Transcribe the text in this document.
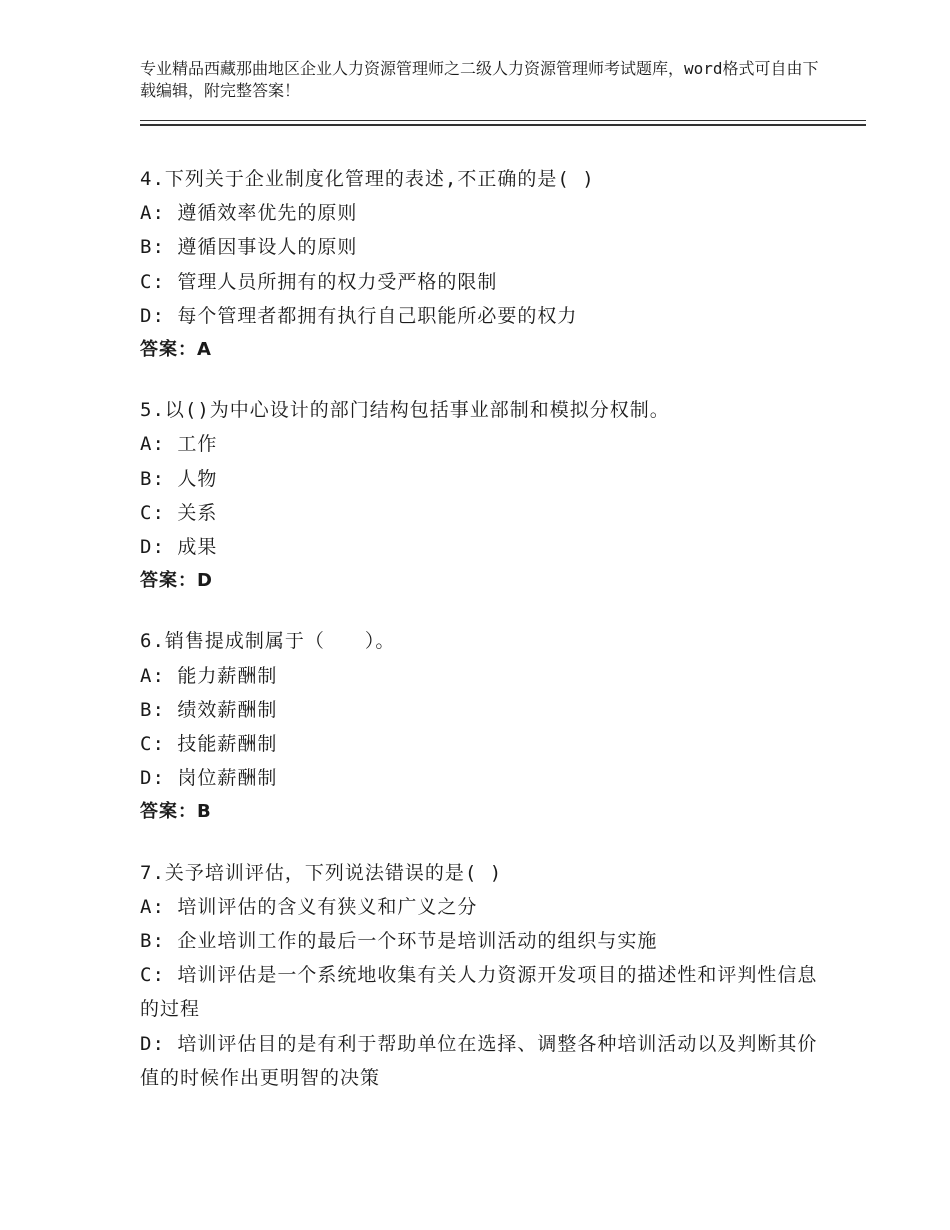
专业精品西藏那曲地区企业人力资源管理师之二级人力资源管理师考试题库，word格式可自由下载编辑，附完整答案！
4.下列关于企业制度化管理的表述,不正确的是( )
A: 遵循效率优先的原则
B: 遵循因事设人的原则
C: 管理人员所拥有的权力受严格的限制
D: 每个管理者都拥有执行自己职能所必要的权力
答案：A
5.以()为中心设计的部门结构包括事业部制和模拟分权制。
A: 工作
B: 人物
C: 关系
D: 成果
答案：D
6.销售提成制属于（　　）。
A: 能力薪酬制
B: 绩效薪酬制
C: 技能薪酬制
D: 岗位薪酬制
答案：B
7.关予培训评估，下列说法错误的是( )
A: 培训评估的含义有狭义和广义之分
B: 企业培训工作的最后一个环节是培训活动的组织与实施
C: 培训评估是一个系统地收集有关人力资源开发项目的描述性和评判性信息的过程
D: 培训评估目的是有利于帮助单位在选择、调整各种培训活动以及判断其价值的时候作出更明智的决策
